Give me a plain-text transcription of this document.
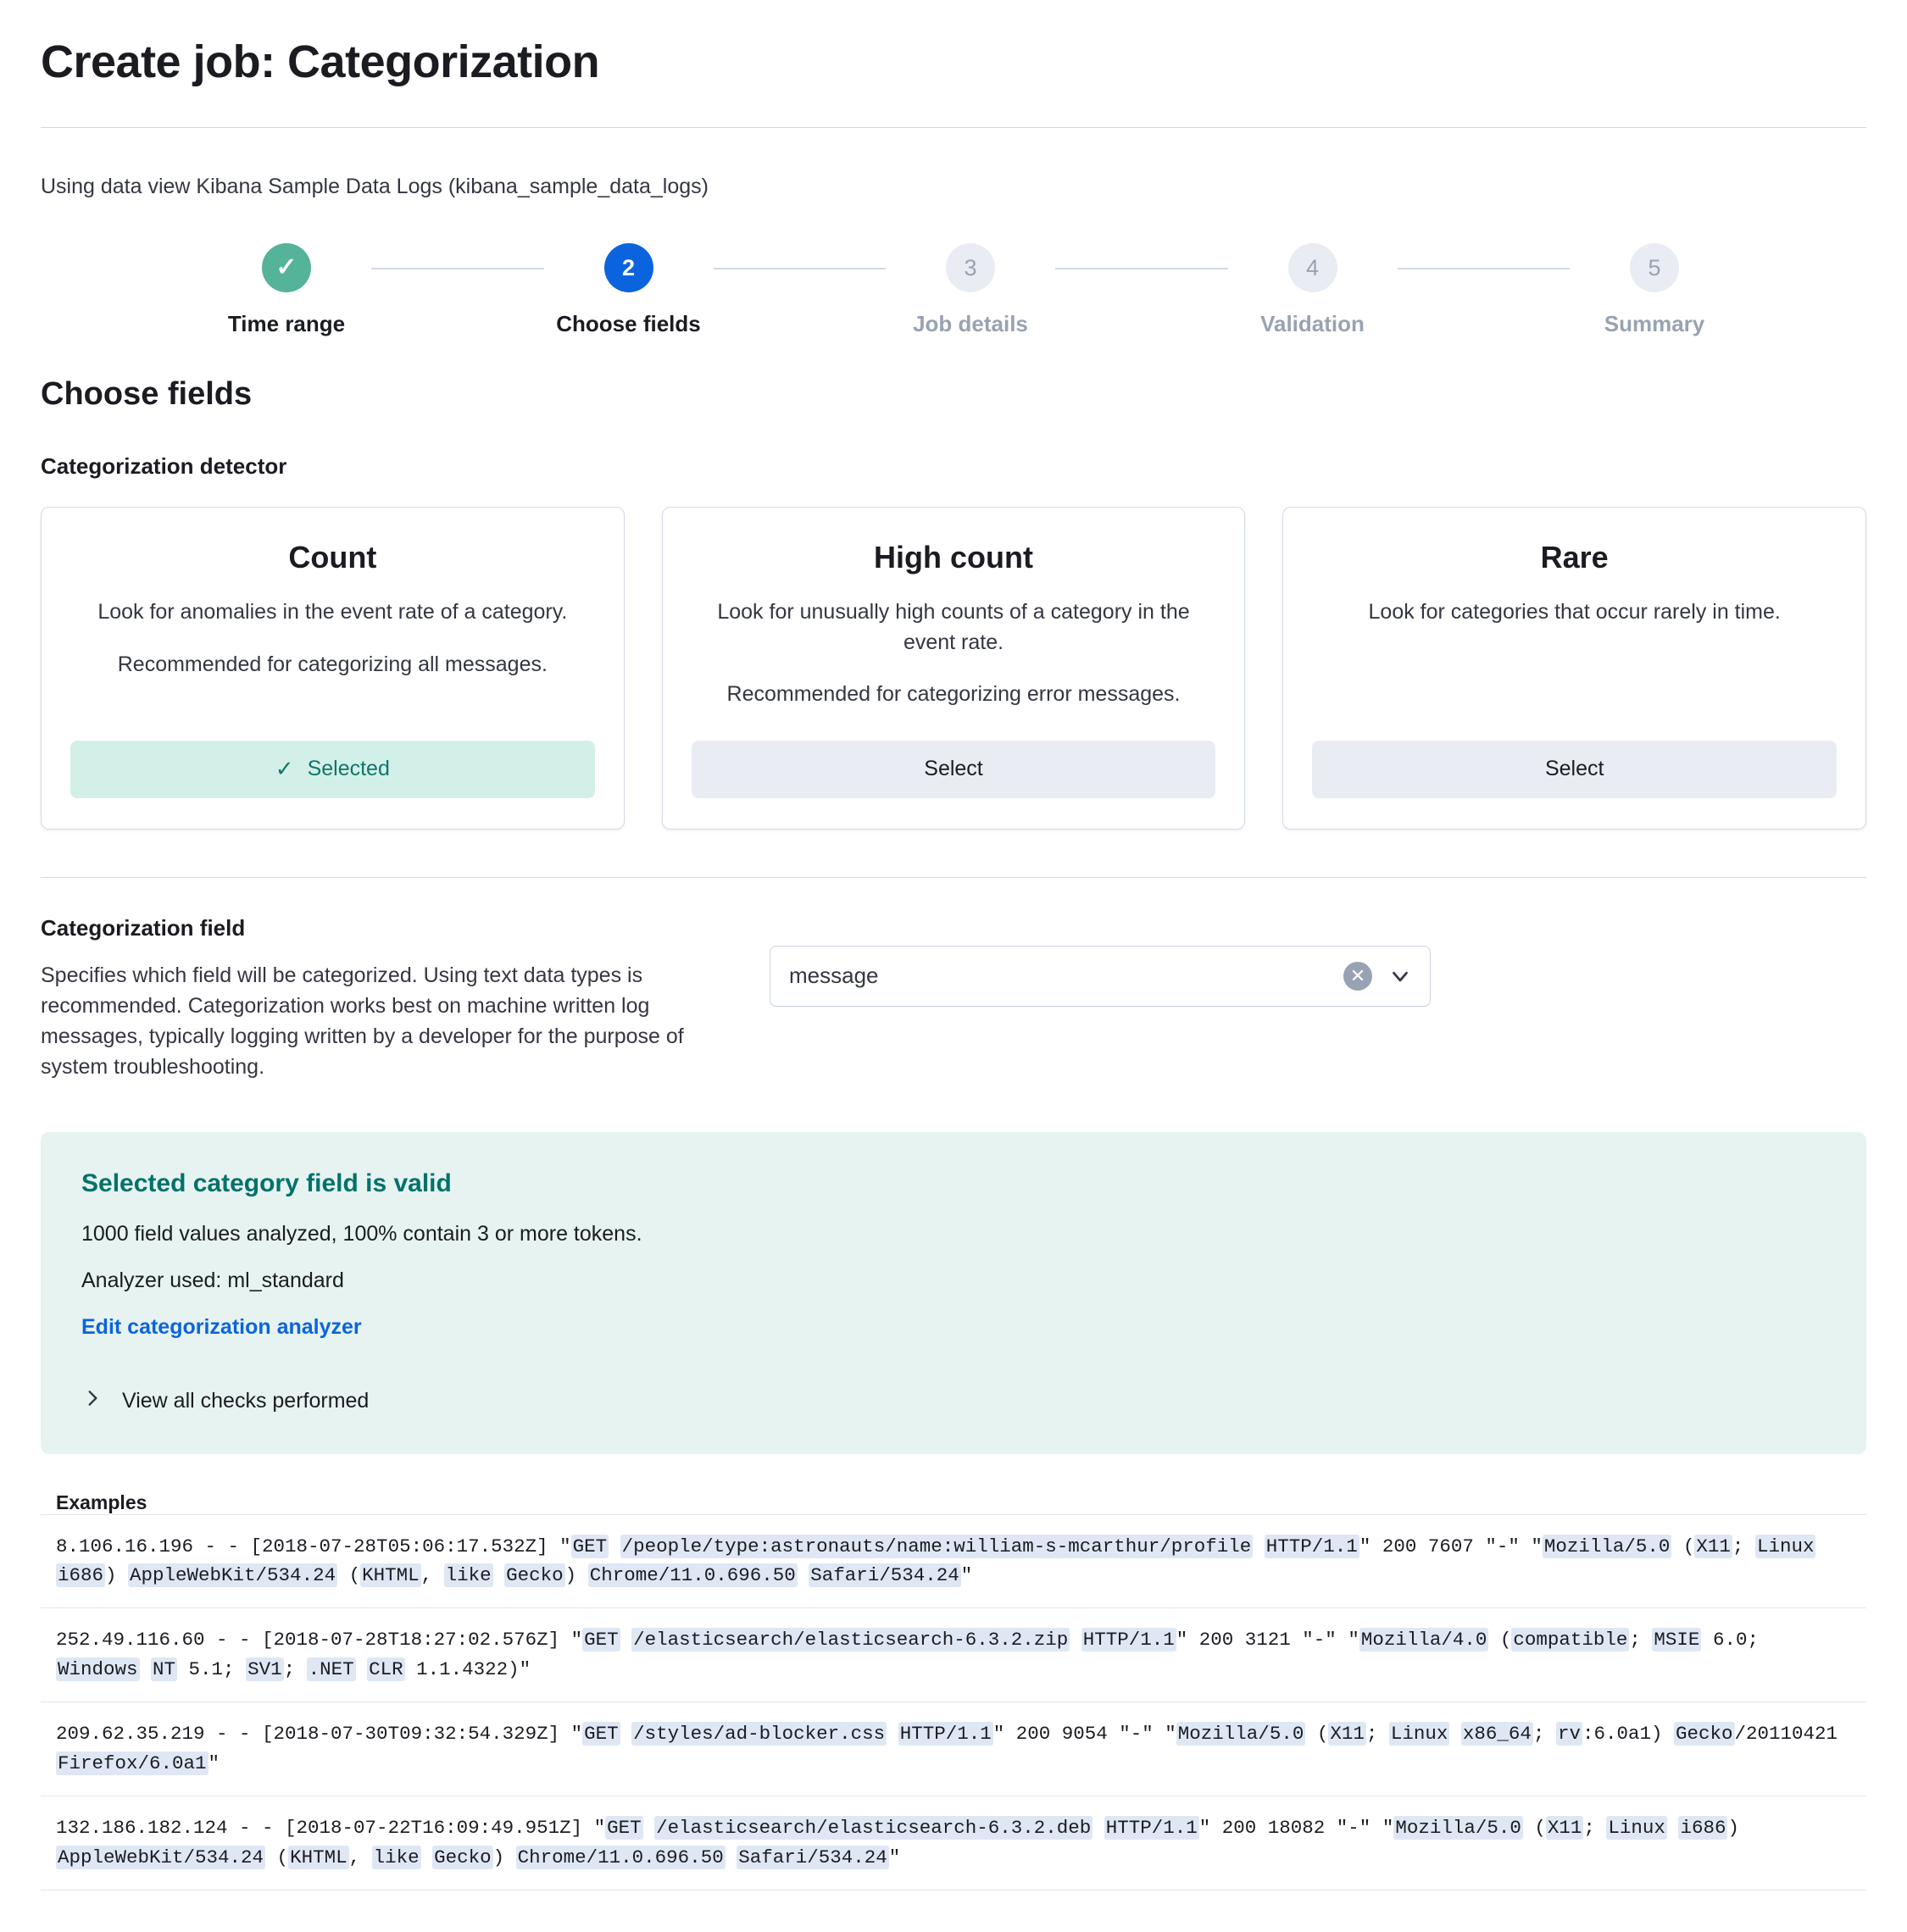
Create job: Categorization

Using data view Kibana Sample Data Logs (kibana_sample_data_logs)

✓
Time range
2
Choose fields
3
Job details
4
Validation
5
Summary
Choose fields
Categorization detector
Count
Look for anomalies in the event rate of a category.
Recommended for categorizing all messages.
✓ Selected
High count
Look for unusually high counts of a category in the event rate.
Recommended for categorizing error messages.
Select
Rare
Look for categories that occur rarely in time.
Select
Categorization field
Specifies which field will be categorized. Using text data types is recommended. Categorization works best on machine written log messages, typically logging written by a developer for the purpose of system troubleshooting.
message	✕
Selected category field is valid
1000 field values analyzed, 100% contain 3 or more tokens.
Analyzer used: ml_standard
Edit categorization analyzer
View all checks performed
Examples
8.106.16.196 - - [2018-07-28T05:06:17.532Z] "GET /people/type:astronauts/name:william-s-mcarthur/profile HTTP/1.1" 200 7607 "-" "Mozilla/5.0 (X11; Linux i686) AppleWebKit/534.24 (KHTML, like Gecko) Chrome/11.0.696.50 Safari/534.24"
252.49.116.60 - - [2018-07-28T18:27:02.576Z] "GET /elasticsearch/elasticsearch-6.3.2.zip HTTP/1.1" 200 3121 "-" "Mozilla/4.0 (compatible; MSIE 6.0; Windows NT 5.1; SV1; .NET CLR 1.1.4322)"
209.62.35.219 - - [2018-07-30T09:32:54.329Z] "GET /styles/ad-blocker.css HTTP/1.1" 200 9054 "-" "Mozilla/5.0 (X11; Linux x86_64; rv:6.0a1) Gecko/20110421 Firefox/6.0a1"
132.186.182.124 - - [2018-07-22T16:09:49.951Z] "GET /elasticsearch/elasticsearch-6.3.2.deb HTTP/1.1" 200 18082 "-" "Mozilla/5.0 (X11; Linux i686) AppleWebKit/534.24 (KHTML, like Gecko) Chrome/11.0.696.50 Safari/534.24"
